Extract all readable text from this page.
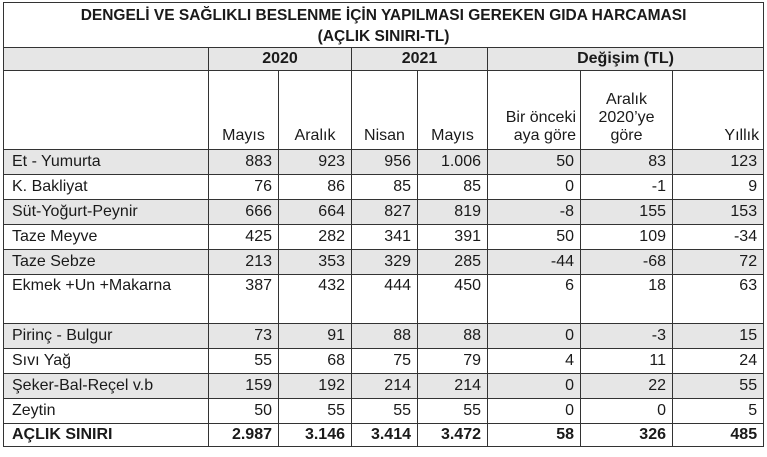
DENGELİ VE SAĞLIKLI BESLENME İÇİN YAPILMASI GEREKEN GIDA HARCAMASI							
(AÇLIK SINIRI-TL)							
	2020		2021		Değişim (TL)		
	Mayıs	Aralık	Nisan	Mayıs	Bir önceki aya göre	Aralık 2020’ye göre	Yıllık
Et - Yumurta	883	923	956	1.006	50	83	123
K. Bakliyat	76	86	85	85	0	-1	9
Süt-Yoğurt-Peynir	666	664	827	819	-8	155	153
Taze Meyve	425	282	341	391	50	109	-34
Taze Sebze	213	353	329	285	-44	-68	72
Ekmek +Un +Makarna	387	432	444	450	6	18	63
Pirinç - Bulgur	73	91	88	88	0	-3	15
Sıvı Yağ	55	68	75	79	4	11	24
Şeker-Bal-Reçel v.b	159	192	214	214	0	22	55
Zeytin	50	55	55	55	0	0	5
AÇLIK SINIRI	2.987	3.146	3.414	3.472	58	326	485
